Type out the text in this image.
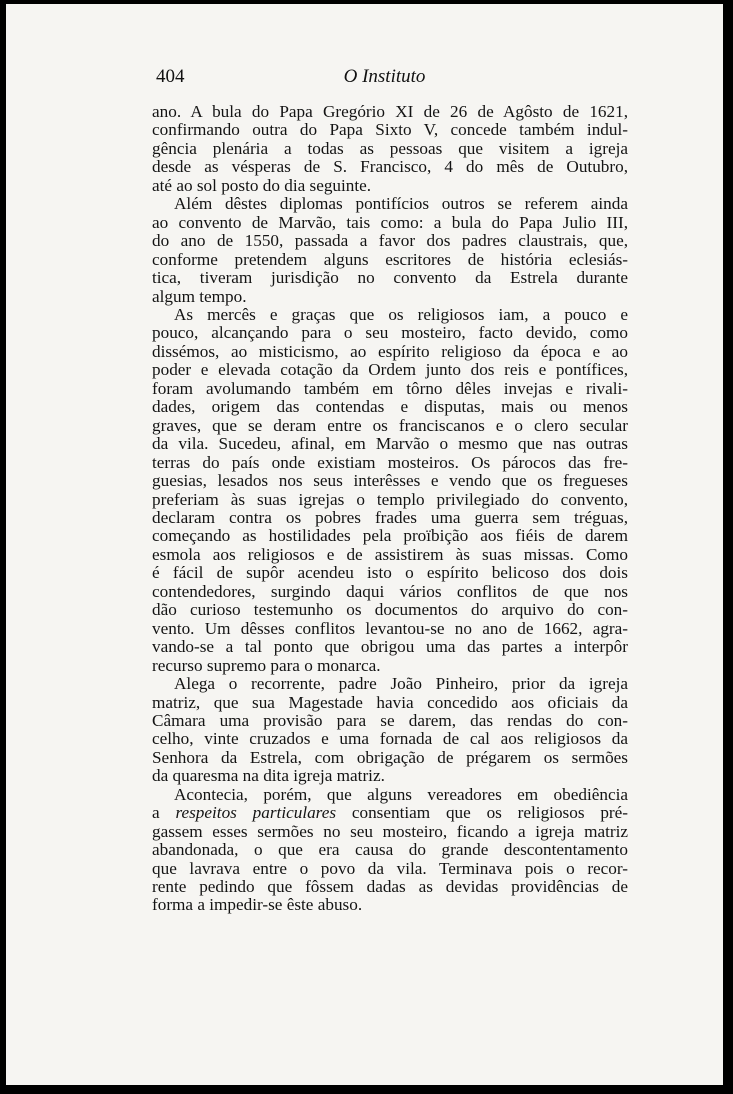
404	O Instituto
ano. A bula do Papa Gregório XI de 26 de Agôsto de 1621,
confirmando outra do Papa Sixto V, concede também indul-
gência plenária a todas as pessoas que visitem a igreja
desde as vésperas de S. Francisco, 4 do mês de Outubro,
até ao sol posto do dia seguinte.
Além dêstes diplomas pontifícios outros se referem ainda
ao convento de Marvão, tais como: a bula do Papa Julio III,
do ano de 1550, passada a favor dos padres claustrais, que,
conforme pretendem alguns escritores de história eclesiás-
tica, tiveram jurisdição no convento da Estrela durante
algum tempo.
As mercês e graças que os religiosos iam, a pouco e
pouco, alcançando para o seu mosteiro, facto devido, como
dissémos, ao misticismo, ao espírito religioso da época e ao
poder e elevada cotação da Ordem junto dos reis e pontífices,
foram avolumando também em tôrno dêles invejas e rivali-
dades, origem das contendas e disputas, mais ou menos
graves, que se deram entre os franciscanos e o clero secular
da vila. Sucedeu, afinal, em Marvão o mesmo que nas outras
terras do país onde existiam mosteiros. Os párocos das fre-
guesias, lesados nos seus interêsses e vendo que os fregueses
preferiam às suas igrejas o templo privilegiado do convento,
declaram contra os pobres frades uma guerra sem tréguas,
começando as hostilidades pela proïbição aos fiéis de darem
esmola aos religiosos e de assistirem às suas missas. Como
é fácil de supôr acendeu isto o espírito belicoso dos dois
contendedores, surgindo daqui vários conflitos de que nos
dão curioso testemunho os documentos do arquivo do con-
vento. Um dêsses conflitos levantou-se no ano de 1662, agra-
vando-se a tal ponto que obrigou uma das partes a interpôr
recurso supremo para o monarca.
Alega o recorrente, padre João Pinheiro, prior da igreja
matriz, que sua Magestade havia concedido aos oficiais da
Câmara uma provisão para se darem, das rendas do con-
celho, vinte cruzados e uma fornada de cal aos religiosos da
Senhora da Estrela, com obrigação de prégarem os sermões
da quaresma na dita igreja matriz.
Acontecia, porém, que alguns vereadores em obediência
a respeitos particulares consentiam que os religiosos pré-
gassem esses sermões no seu mosteiro, ficando a igreja matriz
abandonada, o que era causa do grande descontentamento
que lavrava entre o povo da vila. Terminava pois o recor-
rente pedindo que fôssem dadas as devidas providências de
forma a impedir-se êste abuso.
